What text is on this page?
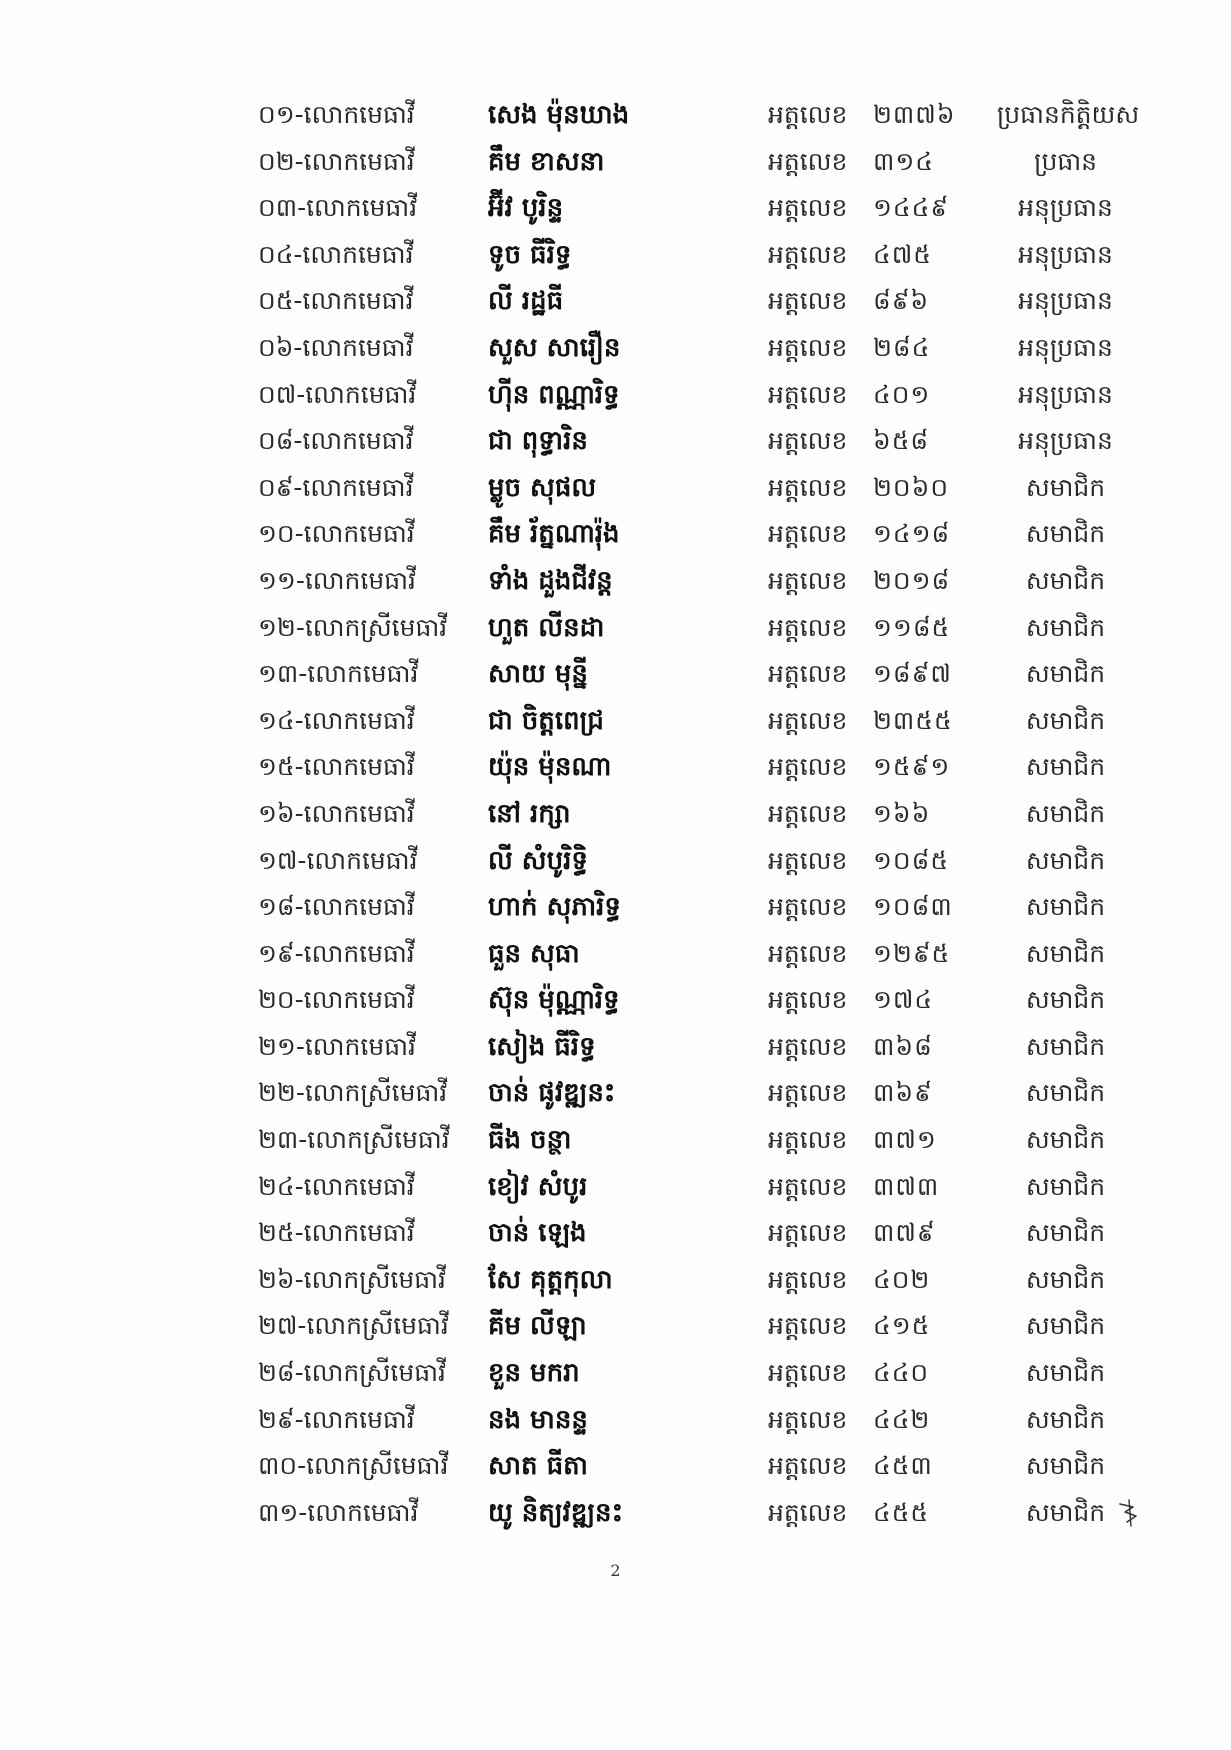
០១-លោកមេធាវី	សេង ម៉ុនឃាង	អត្តលេខ ២៣៧៦	ប្រធានកិត្តិយស
០២-លោកមេធាវី	គឹម ខាសនា	អត្តលេខ ៣១៤	ប្រធាន
០៣-លោកមេធាវី	អ៊ីវ បូរិន្ទ	អត្តលេខ ១៤៤៩	អនុប្រធាន
០៤-លោកមេធាវី	ទូច ធីរិទ្ធ	អត្តលេខ ៤៧៥	អនុប្រធាន
០៥-លោកមេធាវី	លី រដ្ឋធី	អត្តលេខ ៨៩៦	អនុប្រធាន
០៦-លោកមេធាវី	សួស សារឿន	អត្តលេខ ២៨៤	អនុប្រធាន
០៧-លោកមេធាវី	ហ៊ីន ពណ្ណារិទ្ធ	អត្តលេខ ៤០១	អនុប្រធាន
០៨-លោកមេធាវី	ជា ពុទ្ធារិន	អត្តលេខ ៦៥៨	អនុប្រធាន
០៩-លោកមេធាវី	ម្លូច សុផល	អត្តលេខ ២០៦០	សមាជិក
១០-លោកមេធាវី	គឹម រ័ត្នណារ៉ុង	អត្តលេខ ១៤១៨	សមាជិក
១១-លោកមេធាវី	ទាំង ដួងជីវន្ត	អត្តលេខ ២០១៨	សមាជិក
១២-លោកស្រីមេធាវី ហួត លីនដា	អត្តលេខ ១១៨៥	សមាជិក
១៣-លោកមេធាវី	សាយ មុន្នី	អត្តលេខ ១៨៩៧	សមាជិក
១៤-លោកមេធាវី	ជា ចិត្តពេជ្រ	អត្តលេខ ២៣៥៥	សមាជិក
១៥-លោកមេធាវី	យ៉ុន ម៉ុនណា	អត្តលេខ ១៥៩១	សមាជិក
១៦-លោកមេធាវី	នៅ រក្សា	អត្តលេខ ១៦៦	សមាជិក
១៧-លោកមេធាវី	លី សំបូរិទ្ធិ	អត្តលេខ ១០៨៥	សមាជិក
១៨-លោកមេធាវី	ហាក់ សុភារិទ្ធ	អត្តលេខ ១០៨៣	សមាជិក
១៩-លោកមេធាវី	ធួន សុធា	អត្តលេខ ១២៩៥	សមាជិក
២០-លោកមេធាវី	ស៊ុន ម៉ុណ្ណារិទ្ធ	អត្តលេខ ១៧៤	សមាជិក
២១-លោកមេធាវី	សៀង ធីរិទ្ធ	អត្តលេខ ៣៦៨	សមាជិក
២២-លោកស្រីមេធាវី ចាន់ ផូវឌ្ឍនះ	អត្តលេខ ៣៦៩	សមាជិក
២៣-លោកស្រីមេធាវី ធីង ចន្ថា	អត្តលេខ ៣៧១	សមាជិក
២៤-លោកមេធាវី	ខៀវ សំបូរ	អត្តលេខ ៣៧៣	សមាជិក
២៥-លោកមេធាវី	ចាន់ ឡេង	អត្តលេខ ៣៧៩	សមាជិក
២៦-លោកស្រីមេធាវី សែ គុត្តកុលា	អត្តលេខ ៤០២	សមាជិក
២៧-លោកស្រីមេធាវី គីម លីឡា	អត្តលេខ ៤១៥	សមាជិក
២៨-លោកស្រីមេធាវី ខួន មករា	អត្តលេខ ៤៤០	សមាជិក
២៩-លោកមេធាវី	នង មានន្ទ	អត្តលេខ ៤៤២	សមាជិក
៣០-លោកស្រីមេធាវី សាត ធីតា	អត្តលេខ ៤៥៣	សមាជិក
៣១-លោកមេធាវី	យូ និត្យវឌ្ឍនះ	អត្តលេខ ៤៥៥	សមាជិក
2
